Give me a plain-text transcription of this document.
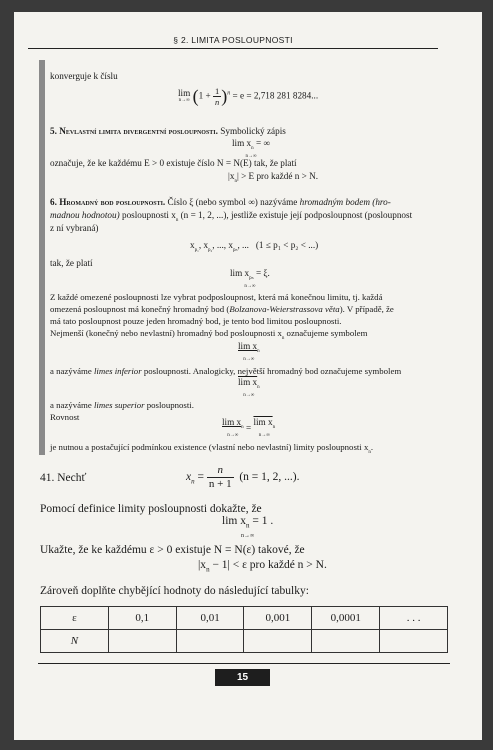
§ 2. LIMITA POSLOUPNOSTI
konverguje k číslu
lim
n→∞ $(1 + \frac{1}{n} )^n = e = 2,718$ 281 8284...
5. Nevlastní limita divergentní posloupnosti. Symbolický zápis
$\lim x_n$ = ∞
n→∞
označuje, že ke každému E > 0 existuje číslo N = N(E) tak, že platí
$|x_n| > E$ pro každé n > N.
6. Hromadný bod posloupnosti. Číslo ξ (nebo symbol ∞) nazýváme hromadným bodem (hro-
madnou hodnotou) posloupnosti $x_n$ (n = 1, 2, ...), jestliže existuje její podposloupnost (posloupnost
z ní vybraná)
$x_{p_1}$, $x_{p_2}$, ..., $x_{p_n}$, ...   (1 ≤ p₁ < p₂ < ...)
tak, že platí
$\lim x_{p_n} = \xi$.
n→∞
Z každé omezené posloupnosti lze vybrat podposloupnost, která má konečnou limitu, tj. každá
omezená posloupnost má konečný hromadný bod (Bolzanova-Weierstrassova věta). V případě, že
má tato posloupnost pouze jeden hromadný bod, je tento bod limitou posloupnosti.
Nejmenší (konečný nebo nevlastní) hromadný bod posloupnosti $x_n$ označujeme symbolem
$\lim x_n$
n→∞
a nazýváme limes inferior posloupnosti. Analogicky, největší hromadný bod označujeme symbolem
$\lim x_n$
n→∞
a nazýváme limes superior posloupnosti.
Rovnost	$\lim x_n$
n→∞
= $\lim x_n$
n→∞
je nutnou a postačující podmínkou existence (vlastní nebo nevlastní) limity posloupnosti $x_n$.
41. Nechť	$x_n = \frac{n}{n + 1} (n = 1$, 2, ...).
Pomocí definice limity posloupnosti dokažte, že
$\lim x_n = 1$ .
n→∞
Ukažte, že ke každému ε > 0 existuje N = N(ε) takové, že
$|x_n - 1| < \varepsilon$ pro každé n > N.
Zároveň doplňte chybějící hodnoty do následující tabulky:
ε	0,1	0,01	0,001	0,0001	. . .
N					
15
